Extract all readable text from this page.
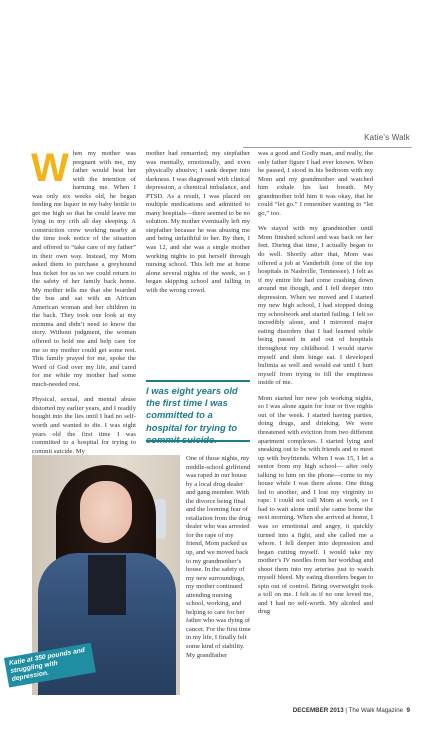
Katie's Walk

When my mother was pregnant with me, my father would beat her with the intention of harming me. When I was only six weeks old, he began feeding me liquor in my baby bottle to get me high so that he could leave me lying in my crib all day sleeping. A construction crew working nearby at the time took notice of the situation and offered to “take care of my father” in their own way. Instead, my Mom asked them to purchase a greyhound bus ticket for us so we could return to the safety of her family back home. My mother tells me that she boarded the bus and sat with an African American woman and her children in the back. They took one look at my momma and didn’t need to know the story. Without judgment, the woman offered to hold me and help care for me so my mother could get some rest. This family prayed for me, spoke the Word of God over my life, and cared for me while my mother had some much-needed rest.

Physical, sexual, and mental abuse distorted my earlier years, and I readily bought into the lies until I had no self-worth and wanted to die. I was eight years old the first time I was committed to a hospital for trying to commit suicide. My

mother had remarried; my stepfather was mentally, emotionally, and even physically abusive; I sank deeper into darkness. I was diagnosed with clinical depression, a chemical imbalance, and PTSD. As a result, I was placed on multiple medications and admitted to many hospitals—there seemed to be no solution. My mother eventually left my stepfather because he was abusing me and being unfaithful to her. By then, I was 12, and she was a single mother working nights to put herself through nursing school. This left me at home alone several nights of the week, so I began skipping school and falling in with the wrong crowd.

I was eight years old the first time I was committed to a hospital for trying to

One of those nights, my middle-school girlfriend was raped in our house by a local drug dealer and gang member. With the divorce being final and the looming fear of retaliation from the drug dealer who was arrested for the rape of my friend, Mom packed us up, and we moved back to my grandmother’s house. In the safety of my new surroundings, my mother continued attending nursing school, working, and helping to care for her father who was dying of cancer. For the first time in my life, I finally felt some kind of stability. My grandfather

was a good and Godly man, and really, the only father figure I had ever known. When he passed, I stood in his bedroom with my Mom and my grandmother and watched him exhale his last breath. My grandmother told him it was okay, that he could “let go.” I remember wanting to “let go,” too.

We stayed with my grandmother until Mom finished school and was back on her feet. During that time, I actually began to do well. Shortly after that, Mom was offered a job at Vanderbilt (one of the top hospitals in Nashville, Tennessee). I felt as if my entire life had come crashing down around me though, and I fell deeper into depression. When we moved and I started my new high school, I had stopped doing my schoolwork and started failing. I felt so incredibly alone, and I mirrored major eating disorders that I had learned while being passed in and out of hospitals throughout my childhood. I would starve myself and then binge eat. I developed bulimia as well and would eat until I hurt myself from trying to fill the emptiness inside of me.

Mom started her new job working nights, so I was alone again for four or five nights out of the week. I started having parties, doing drugs, and drinking. We were threatened with eviction from two different apartment complexes. I started lying and sneaking out to be with friends and to meet up with boyfriends. When I was 15, I let a senior from my high school— after only talking to him on the phone—come to my house while I was there alone. One thing led to another, and I lost my virginity to rape. I could not call Mom at work, so I had to wait alone until she came home the next morning. When she arrived at home, I was so emotional and angry, it quickly turned into a fight, and she called me a whore. I fell deeper into depression and began cutting myself. I would take my mother’s IV needles from her workbag and shoot them into my arteries just to watch myself bleed. My eating disorders began to spin out of control. Being overweight took a toll on me. I felt as if no one loved me, and I had no self-worth. My alcohol and drug

Katie at 350 pounds and struggling with depression.
DECEMBER 2013 | The Walk Magazine 9
